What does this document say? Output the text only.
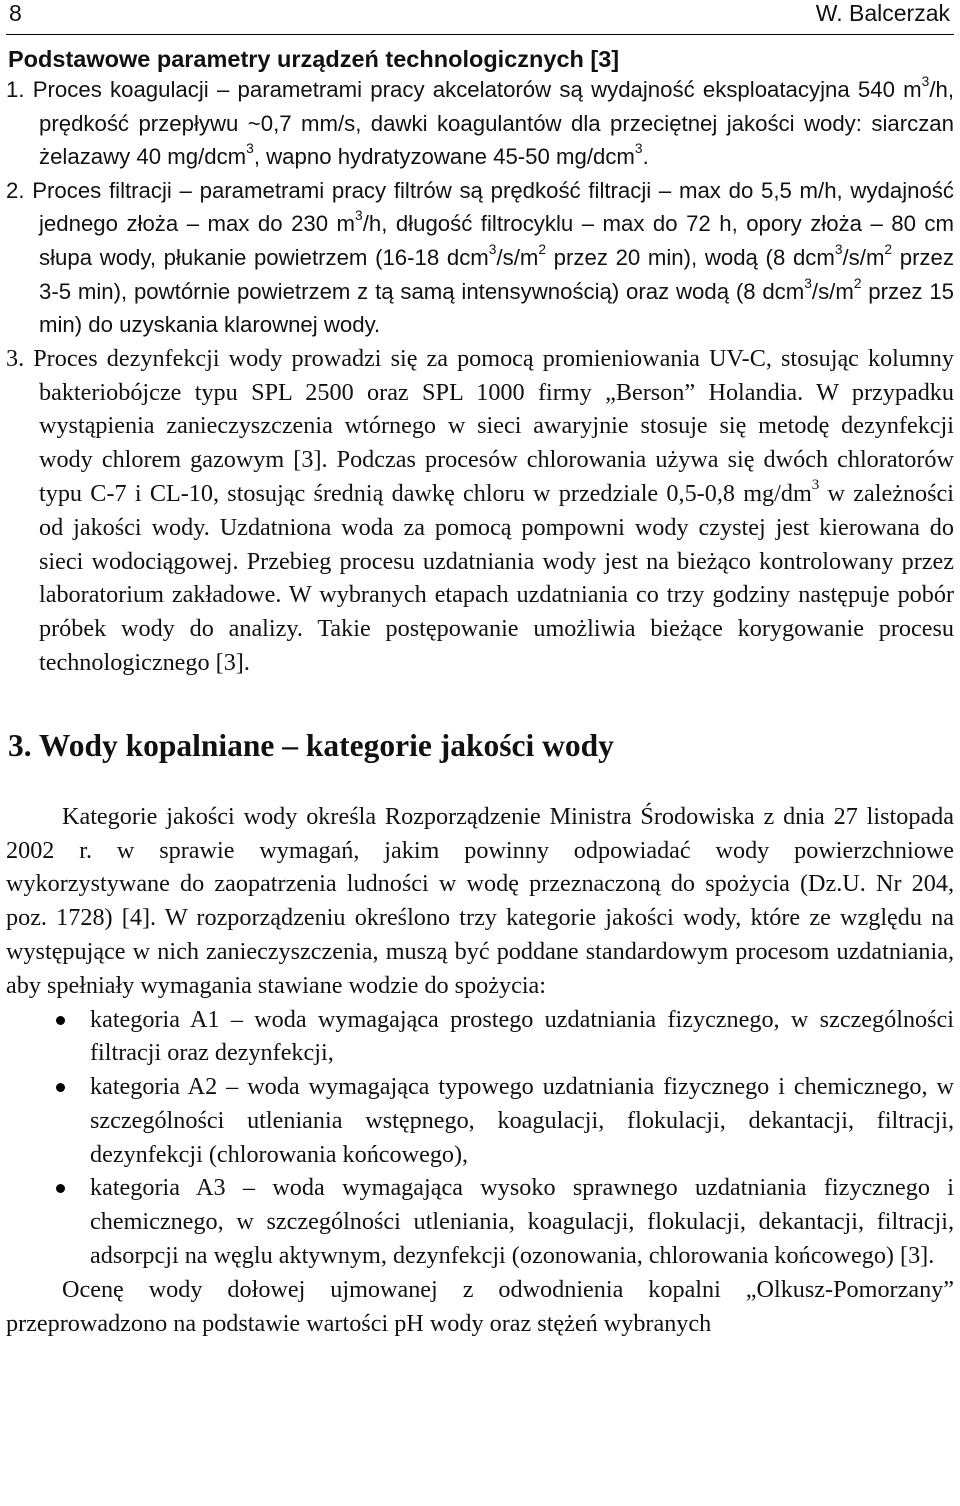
8	W. Balcerzak
Podstawowe parametry urządzeń technologicznych [3]

1. Proces koagulacji – parametrami pracy akcelatorów są wydajność eksploatacyjna 540 $m^3/h$, prędkość przepływu ~0,7 mm/s, dawki koagulantów dla przeciętnej jakości wody: siarczan żelazawy 40 mg/dcm$^3$, wapno hydratyzowane 45-50 mg/dcm$^3$.

2. Proces filtracji – parametrami pracy filtrów są prędkość filtracji – max do 5,5 m/h, wydajność jednego złoża – max do 230 $m^3/h$, długość filtrocyklu – max do 72 h, opory złoża – 80 cm słupa wody, płukanie powietrzem (16-18 $dcm^3/s/m^2$ przez 20 min), wodą (8 $dcm^3/s/m^2$ przez 3-5 min), powtórnie powietrzem z tą samą intensywnością) oraz wodą (8 $dcm^3/s/m^2$ przez 15 min) do uzyskania klarownej wody.

3. Proces dezynfekcji wody prowadzi się za pomocą promieniowania UV-C, stosując kolumny bakteriobójcze typu SPL 2500 oraz SPL 1000 firmy „Berson” Holandia. W przypadku wystąpienia zanieczyszczenia wtórnego w sieci awaryjnie stosuje się metodę dezynfekcji wody chlorem gazowym [3]. Podczas procesów chlorowania używa się dwóch chloratorów typu C-7 i CL-10, stosując średnią dawkę chloru w przedziale 0,5-0,8 $mg/dm^3$ w zależności od jakości wody. Uzdatniona woda za pomocą pompowni wody czystej jest kierowana do sieci wodociągowej. Przebieg procesu uzdatniania wody jest na bieżąco kontrolowany przez laboratorium zakładowe. W wybranych etapach uzdatniania co trzy godziny następuje pobór próbek wody do analizy. Takie postępowanie umożliwia bieżące korygowanie procesu technologicznego [3].

3. Wody kopalniane – kategorie jakości wody

Kategorie jakości wody określa Rozporządzenie Ministra Środowiska z dnia 27 listopada 2002 r. w sprawie wymagań, jakim powinny odpowiadać wody powierzchniowe wykorzystywane do zaopatrzenia ludności w wodę przeznaczoną do spożycia (Dz.U. Nr 204, poz. 1728) [4]. W rozporządzeniu określono trzy kategorie jakości wody, które ze względu na występujące w nich zanieczyszczenia, muszą być poddane standardowym procesom uzdatniania, aby spełniały wymagania stawiane wodzie do spożycia:

kategoria A1 – woda wymagająca prostego uzdatniania fizycznego, w szczególności filtracji oraz dezynfekcji,
kategoria A2 – woda wymagająca typowego uzdatniania fizycznego i chemicznego, w szczególności utleniania wstępnego, koagulacji, flokulacji, dekantacji, filtracji, dezynfekcji (chlorowania końcowego),
kategoria A3 – woda wymagająca wysoko sprawnego uzdatniania fizycznego i chemicznego, w szczególności utleniania, koagulacji, flokulacji, dekantacji, filtracji, adsorpcji na węglu aktywnym, dezynfekcji (ozonowania, chlorowania końcowego) [3].

Ocenę wody dołowej ujmowanej z odwodnienia kopalni „Olkusz-Pomorzany” przeprowadzono na podstawie wartości pH wody oraz stężeń wybranych
